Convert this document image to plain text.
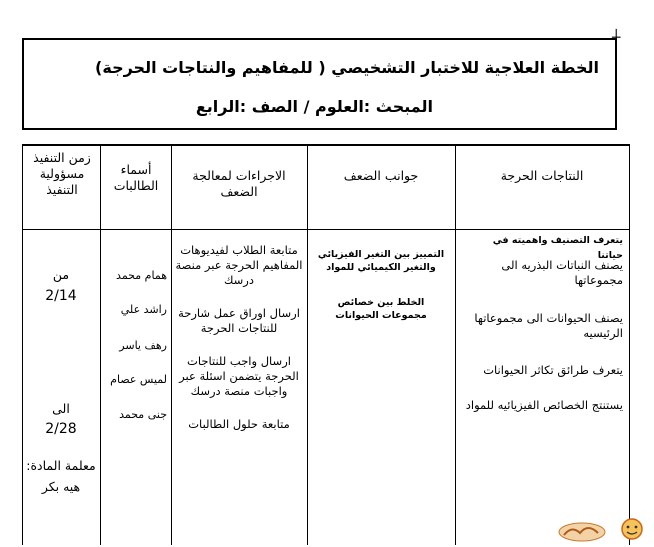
┼
الخطة العلاجية للاختبار التشخيصي ( للمفاهيم والنتاجات الحرجة)
المبحث :العلوم / الصف :الرابع
النتاجات الحرجة
جوانب الضعف
الاجراءات لمعالجة الضعف
أسماء الطالبات
زمن التنفيذ مسؤولية التنفيذ
يتعرف التصنيف واهميته في حياتنا
يصنف النباتات البذريه الى مجموعاتها
يصنف الحيوانات الى مجموعاتها الرئيسيه
يتعرف طرائق تكاثر الحيوانات
يستنتج الخصائص الفيزيائيه للمواد
التمييز بين التغير الفيزيائي والتغير الكيميائي للمواد
الخلط بين خصائص مجموعات الحيوانات

متابعة الطلاب لفيديوهات المفاهيم الحرجة عبر منصة درسك

ارسال اوراق عمل شارحة للنتاجات الحرجة

ارسال واجب للنتاجات الحرجة يتضمن اسئلة عبر واجبات منصة درسك

متابعة حلول الطالبات

همام محمد
راشد علي
رهف ياسر
لميس عصام
جنى محمد
من
2/14
الى
2/28
معلمة المادة:
هيه بكر
